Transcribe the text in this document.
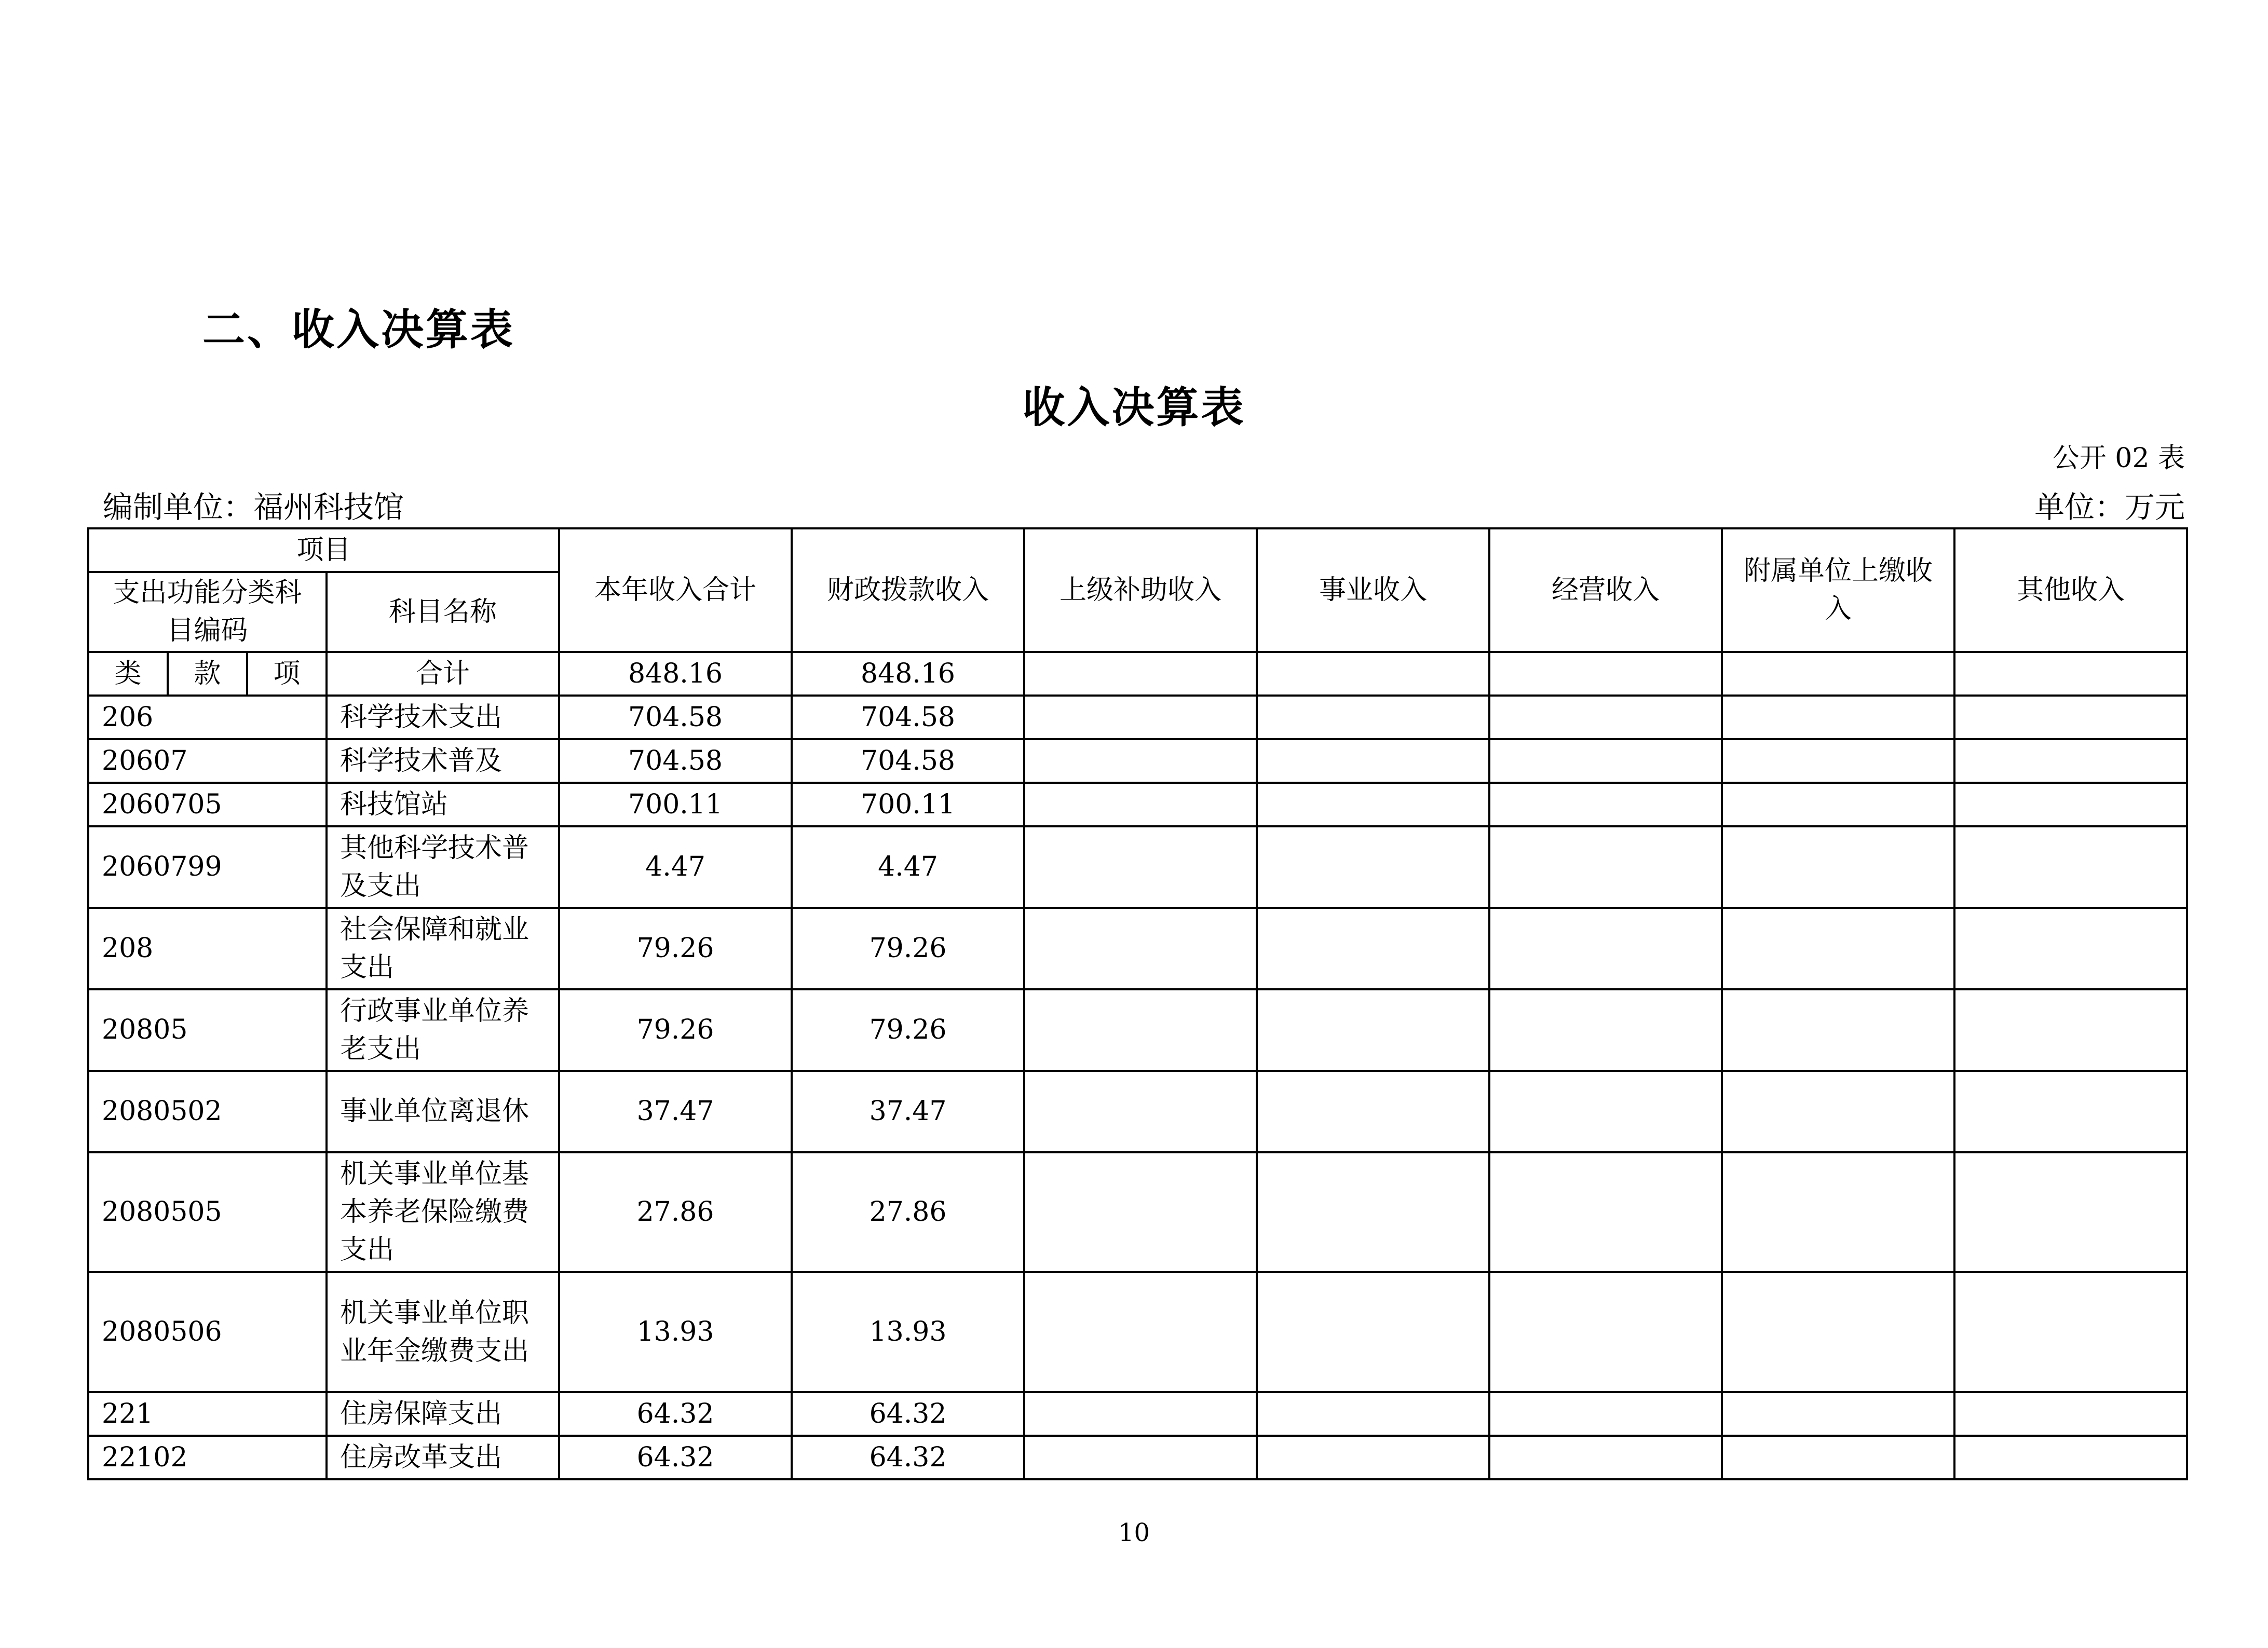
二、收入决算表
收入决算表
公开 02 表
编制单位：福州科技馆	单位：万元
项目				本年收入合计	财政拨款收入	上级补助收入	事业收入	经营收入	附属单位上缴收入	其他收入
支出功能分类科目编码			科目名称							
类	款	项	合计	848.16	848.16					
206			科学技术支出	704.58	704.58					
20607			科学技术普及	704.58	704.58					
2060705			科技馆站	700.11	700.11					
2060799			其他科学技术普及支出	4.47	4.47					
208			社会保障和就业支出	79.26	79.26					
20805			行政事业单位养老支出	79.26	79.26					
2080502			事业单位离退休	37.47	37.47					
2080505			机关事业单位基本养老保险缴费支出	27.86	27.86					
2080506			机关事业单位职业年金缴费支出	13.93	13.93					
221			住房保障支出	64.32	64.32					
22102			住房改革支出	64.32	64.32					
10
